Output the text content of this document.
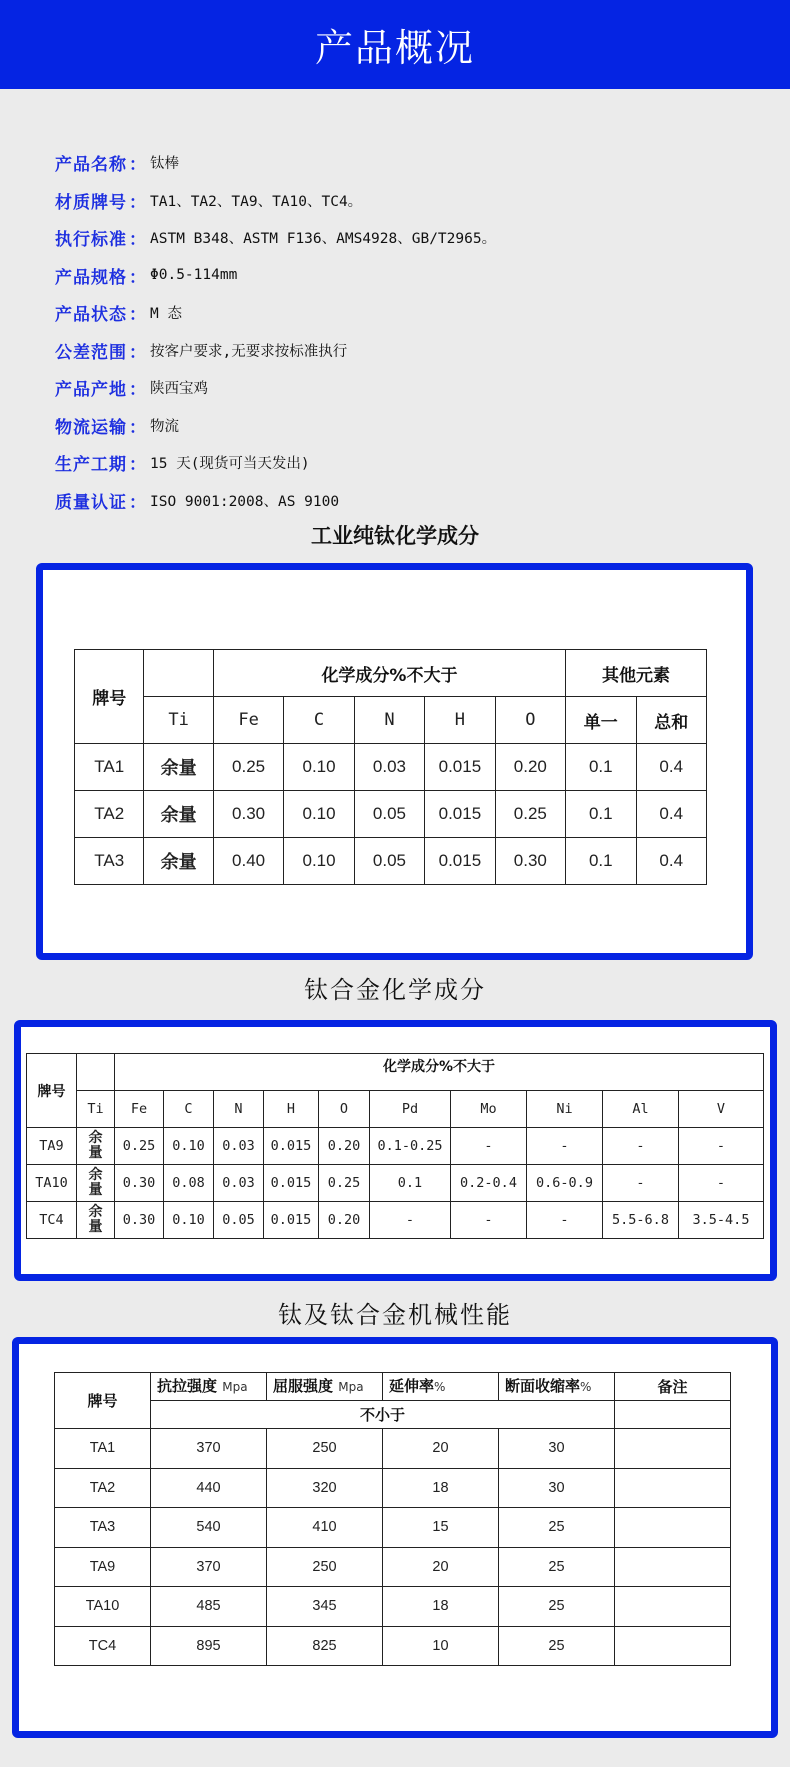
产品概况
产品名称 ： 钛棒
材质牌号 ： TA1、TA2、TA9、TA10、TC4。
执行标准 ： ASTM B348、ASTM F136、AMS4928、GB/T2965。
产品规格 ： Φ0.5-114mm
产品状态 ： M 态
公差范围 ： 按客户要求,无要求按标准执行
产品产地 ： 陕西宝鸡
物流运输 ： 物流
生产工期 ： 15 天(现货可当天发出)
质量认证 ： ISO 9001:2008、AS 9100
工业纯钛化学成分
牌号		化学成分%不大于					其他元素	
	Ti	Fe	C	N	H	O	单一	总和
TA1	余量	0.25	0.10	0.03	0.015	0.20	0.1	0.4
TA2	余量	0.30	0.10	0.05	0.015	0.25	0.1	0.4
TA3	余量	0.40	0.10	0.05	0.015	0.30	0.1	0.4
钛合金化学成分
牌号		化学成分%不大于									
	Ti	Fe	C	N	H	O	Pd	Mo	Ni	Al	V
TA9	余量	0.25	0.10	0.03	0.015	0.20	0.1-0.25	-	-	-	-
TA10	余量	0.30	0.08	0.03	0.015	0.25	0.1	0.2-0.4	0.6-0.9	-	-
TC4	余量	0.30	0.10	0.05	0.015	0.20	-	-	-	5.5-6.8	3.5-4.5
钛及钛合金机械性能
牌号	抗拉强度 Mpa	屈服强度 Mpa	延伸率%	断面收缩率%	备注
	不小于				
TA1	370	250	20	30	
TA2	440	320	18	30	
TA3	540	410	15	25	
TA9	370	250	20	25	
TA10	485	345	18	25	
TC4	895	825	10	25	
